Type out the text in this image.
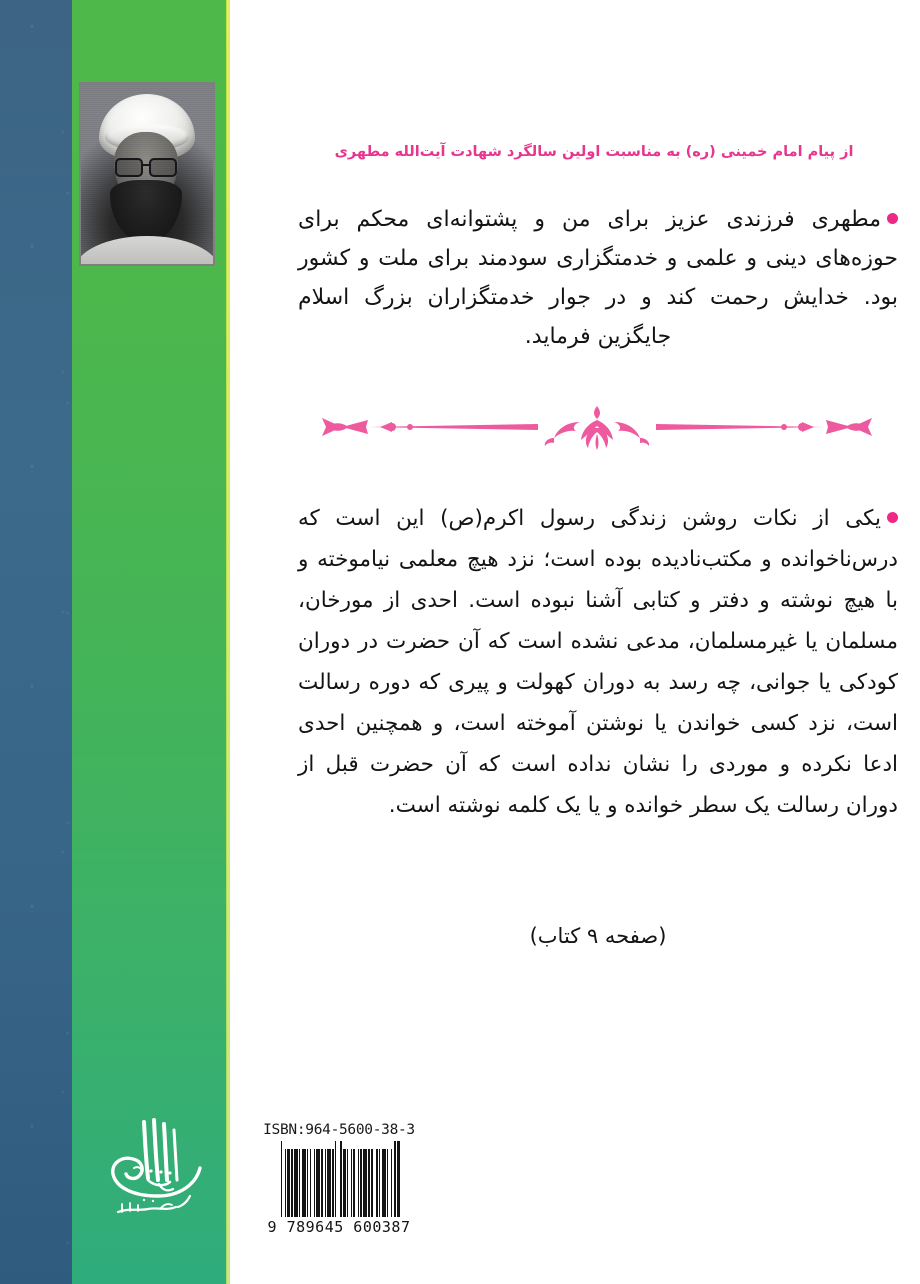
از پیام امام خمینی (ره) به مناسبت اولین سالگرد شهادت آیت‌الله مطهری
مطهری فرزندی عزیز برای من و پشتوانه‌ای محکم برای حوزه‌های دینی و علمی و خدمتگزاری سودمند برای ملت و کشور بود. خدایش رحمت کند و در جوار خدمتگزاران بزرگ اسلام جایگزین فرماید.
یکی از نکات روشن زندگی رسول اکرم(ص) این است که درس‌ناخوانده و مکتب‌نادیده بوده است؛ نزد هیچ معلمی نیاموخته و با هیچ نوشته و دفتر و کتابی آشنا نبوده است. احدی از مورخان، مسلمان یا غیرمسلمان، مدعی نشده است که آن حضرت در دوران کودکی یا جوانی، چه رسد به دوران کهولت و پیری که دوره رسالت است، نزد کسی خواندن یا نوشتن آموخته است، و همچنین احدی ادعا نکرده و موردی را نشان نداده است که آن حضرت قبل از دوران رسالت یک سطر خوانده و یا یک کلمه نوشته است.
(صفحه ۹ کتاب)
ISBN:964-5600-38-3
9 789645 600387
